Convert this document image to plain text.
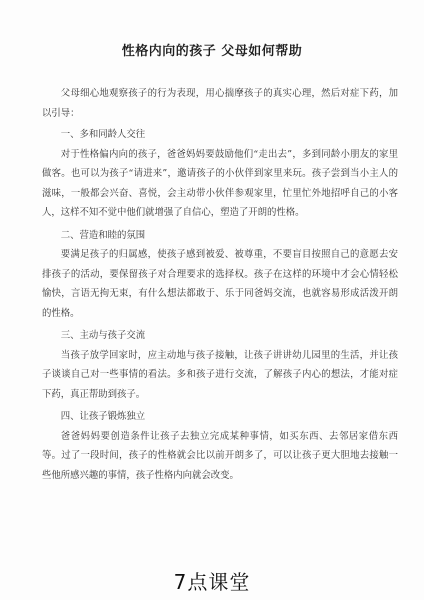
性格内向的孩子 父母如何帮助

父母细心地观察孩子的行为表现，用心揣摩孩子的真实心理，然后对症下药，加以引导：

一、多和同龄人交往

对于性格偏内向的孩子，爸爸妈妈要鼓励他们“走出去”，多到同龄小朋友的家里做客。也可以为孩子“请进来”，邀请孩子的小伙伴到家里来玩。孩子尝到当小主人的滋味，一般都会兴奋、喜悦，会主动带小伙伴参观家里，忙里忙外地招呼自己的小客人，这样不知不觉中他们就增强了自信心，塑造了开朗的性格。

二、营造和睦的氛围

要满足孩子的归属感，使孩子感到被爱、被尊重，不要盲目按照自己的意愿去安排孩子的活动，要保留孩子对合理要求的选择权。孩子在这样的环境中才会心情轻松愉快，言语无拘无束，有什么想法都敢于、乐于同爸妈交流，也就容易形成活泼开朗的性格。

三、主动与孩子交流

当孩子放学回家时，应主动地与孩子接触，让孩子讲讲幼儿园里的生活，并让孩子谈谈自己对一些事情的看法。多和孩子进行交流，了解孩子内心的想法，才能对症下药，真正帮助到孩子。

四、让孩子锻炼独立

爸爸妈妈要创造条件让孩子去独立完成某种事情，如买东西、去邻居家借东西等。过了一段时间，孩子的性格就会比以前开朗多了，可以让孩子更大胆地去接触一些他所感兴趣的事情，孩子性格内向就会改变。

7点课堂
